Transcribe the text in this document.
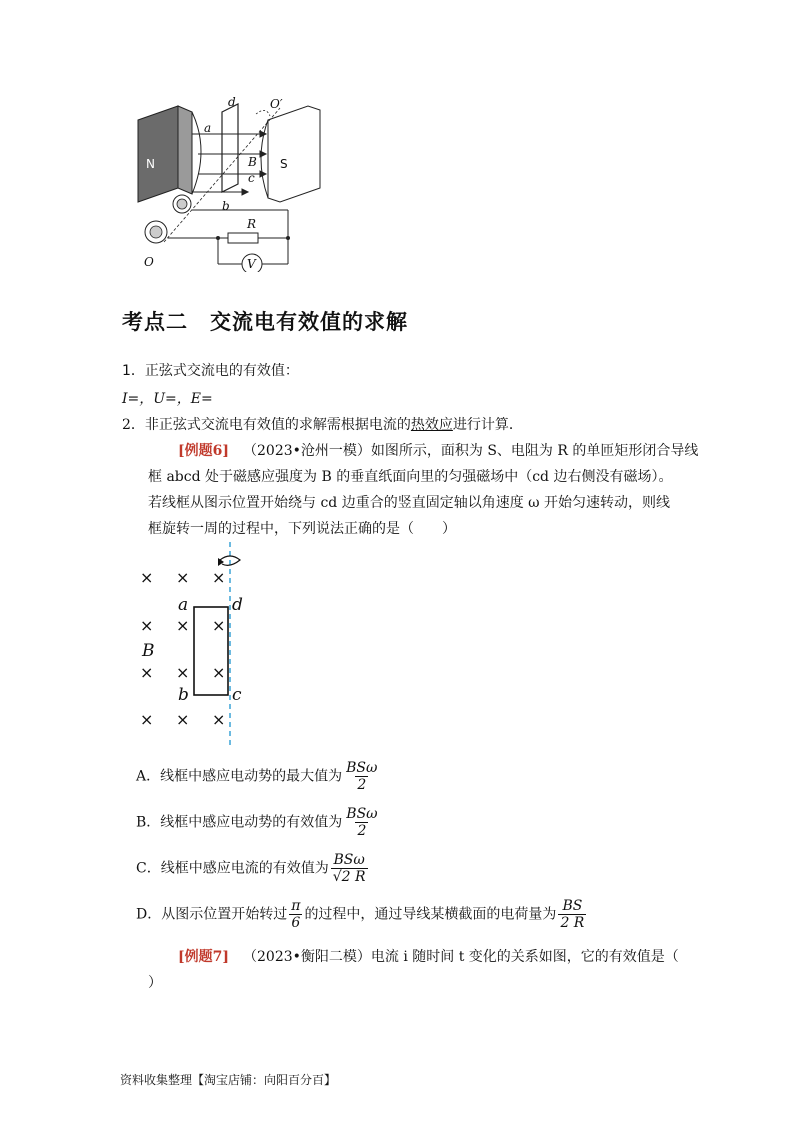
d	O′
a
B
c
b
R
O	V
N	S
考点二　交流电有效值的求解
1．正弦式交流电的有效值：
I=，U=，E=
2．非正弦式交流电有效值的求解需根据电流的热效应进行计算．
[例题6] （2023•沧州一模）如图所示，面积为 S、电阻为 R 的单匝矩形闭合导线
框 abcd 处于磁感应强度为 B 的垂直纸面向里的匀强磁场中（cd 边右侧没有磁场）。
若线框从图示位置开始绕与 cd 边重合的竖直固定轴以角速度 ω 开始匀速转动，则线
框旋转一周的过程中，下列说法正确的是（　　）
× × ×
× × ×
× × ×
× × ×
a	d
B
b	c
A．线框中感应电动势的最大值为 $\frac{\text{BSω}}{2}$
B．线框中感应电动势的有效值为 $\frac{\text{BSω}}{2}$
C．线框中感应电流的有效值为 $\frac{\text{BSω}}{√2 R}$
D．从图示位置开始转过 $\frac{\pi}{6}$ 的过程中，通过导线某横截面的电荷量为 $\frac{BS}{2 R}$
[例题7] （2023•衡阳二模）电流 i 随时间 t 变化的关系如图，它的有效值是（
）
资料收集整理【淘宝店铺：向阳百分百】
